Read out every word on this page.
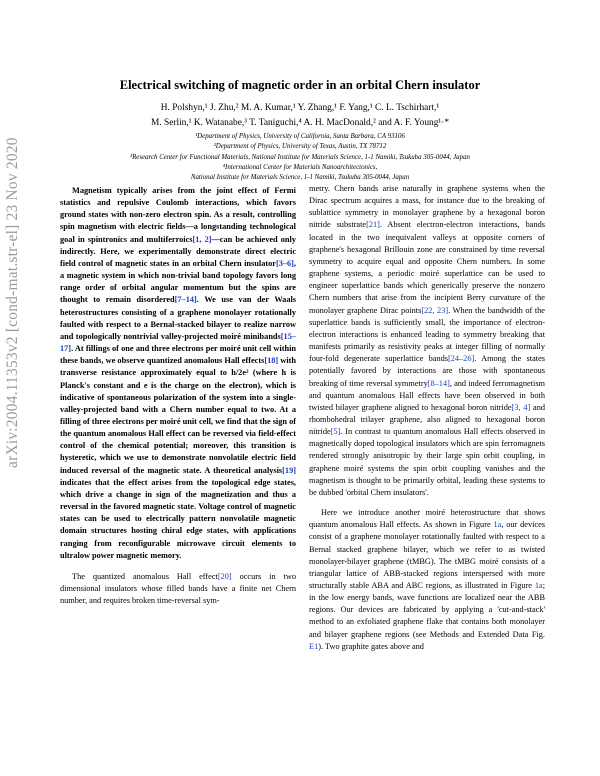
arXiv:2004.11353v2 [cond-mat.str-el] 23 Nov 2020
Electrical switching of magnetic order in an orbital Chern insulator
H. Polshyn,¹ J. Zhu,² M. A. Kumar,¹ Y. Zhang,¹ F. Yang,¹ C. L. Tschirhart,¹
M. Serlin,¹ K. Watanabe,³ T. Taniguchi,⁴ A. H. MacDonald,² and A. F. Young¹·*
¹Department of Physics, University of California, Santa Barbara, CA 93106
²Department of Physics, University of Texas, Austin, TX 78712
³Research Center for Functional Materials, National Institute for Materials Science, 1-1 Namiki, Tsukuba 305-0044, Japan
⁴International Center for Materials Nanoarchitectonics,
National Institute for Materials Science, 1-1 Namiki, Tsukuba 305-0044, Japan

Magnetism typically arises from the joint effect of Fermi statistics and repulsive Coulomb interactions, which favors ground states with non-zero electron spin. As a result, controlling spin magnetism with electric fields—a longstanding technological goal in spintronics and multiferroics[1, 2]—can be achieved only indirectly. Here, we experimentally demonstrate direct electric field control of magnetic states in an orbital Chern insulator[3–6], a magnetic system in which non-trivial band topology favors long range order of orbital angular momentum but the spins are thought to remain disordered[7–14]. We use van der Waals heterostructures consisting of a graphene monolayer rotationally faulted with respect to a Bernal-stacked bilayer to realize narrow and topologically nontrivial valley-projected moiré minibands[15–17]. At fillings of one and three electrons per moiré unit cell within these bands, we observe quantized anomalous Hall effects[18] with transverse resistance approximately equal to h/2e² (where h is Planck's constant and e is the charge on the electron), which is indicative of spontaneous polarization of the system into a single-valley-projected band with a Chern number equal to two. At a filling of three electrons per moiré unit cell, we find that the sign of the quantum anomalous Hall effect can be reversed via field-effect control of the chemical potential; moreover, this transition is hysteretic, which we use to demonstrate nonvolatile electric field induced reversal of the magnetic state. A theoretical analysis[19] indicates that the effect arises from the topological edge states, which drive a change in sign of the magnetization and thus a reversal in the favored magnetic state. Voltage control of magnetic states can be used to electrically pattern nonvolatile magnetic domain structures hosting chiral edge states, with applications ranging from reconfigurable microwave circuit elements to ultralow power magnetic memory.

The quantized anomalous Hall effect[20] occurs in two dimensional insulators whose filled bands have a finite net Chern number, and requires broken time-reversal sym-

metry. Chern bands arise naturally in graphene systems when the Dirac spectrum acquires a mass, for instance due to the breaking of sublattice symmetry in monolayer graphene by a hexagonal boron nitride substrate[21]. Absent electron-electron interactions, bands located in the two inequivalent valleys at opposite corners of graphene's hexagonal Brillouin zone are constrained by time reversal symmetry to acquire equal and opposite Chern numbers. In some graphene systems, a periodic moiré superlattice can be used to engineer superlattice bands which generically preserve the nonzero Chern numbers that arise from the incipient Berry curvature of the monolayer graphene Dirac points[22, 23]. When the bandwidth of the superlattice bands is sufficiently small, the importance of electron-electron interactions is enhanced leading to symmetry breaking that manifests primarily as resistivity peaks at integer filling of normally four-fold degenerate superlattice bands[24–26]. Among the states potentially favored by interactions are those with spontaneous breaking of time reversal symmetry[8–14], and indeed ferromagnetism and quantum anomalous Hall effects have been observed in both twisted bilayer graphene aligned to hexagonal boron nitride[3, 4] and rhombohedral trilayer graphene, also aligned to hexagonal boron nitride[5]. In contrast to quantum anomalous Hall effects observed in magnetically doped topological insulators which are spin ferromagnets rendered strongly anisotropic by their large spin orbit coupling, in graphene moiré systems the spin orbit coupling vanishes and the magnetism is thought to be primarily orbital, leading these systems to be dubbed 'orbital Chern insulators'.

Here we introduce another moiré heterostructure that shows quantum anomalous Hall effects. As shown in Figure 1a, our devices consist of a graphene monolayer rotationally faulted with respect to a Bernal stacked graphene bilayer, which we refer to as twisted monolayer-bilayer graphene (tMBG). The tMBG moiré consists of a triangular lattice of ABB-stacked regions interspersed with more structurally stable ABA and ABC regions, as illustrated in Figure 1a; in the low energy bands, wave functions are localized near the ABB regions. Our devices are fabricated by applying a 'cut-and-stack' method to an exfoliated graphene flake that contains both monolayer and bilayer graphene regions (see Methods and Extended Data Fig. E1). Two graphite gates above and
